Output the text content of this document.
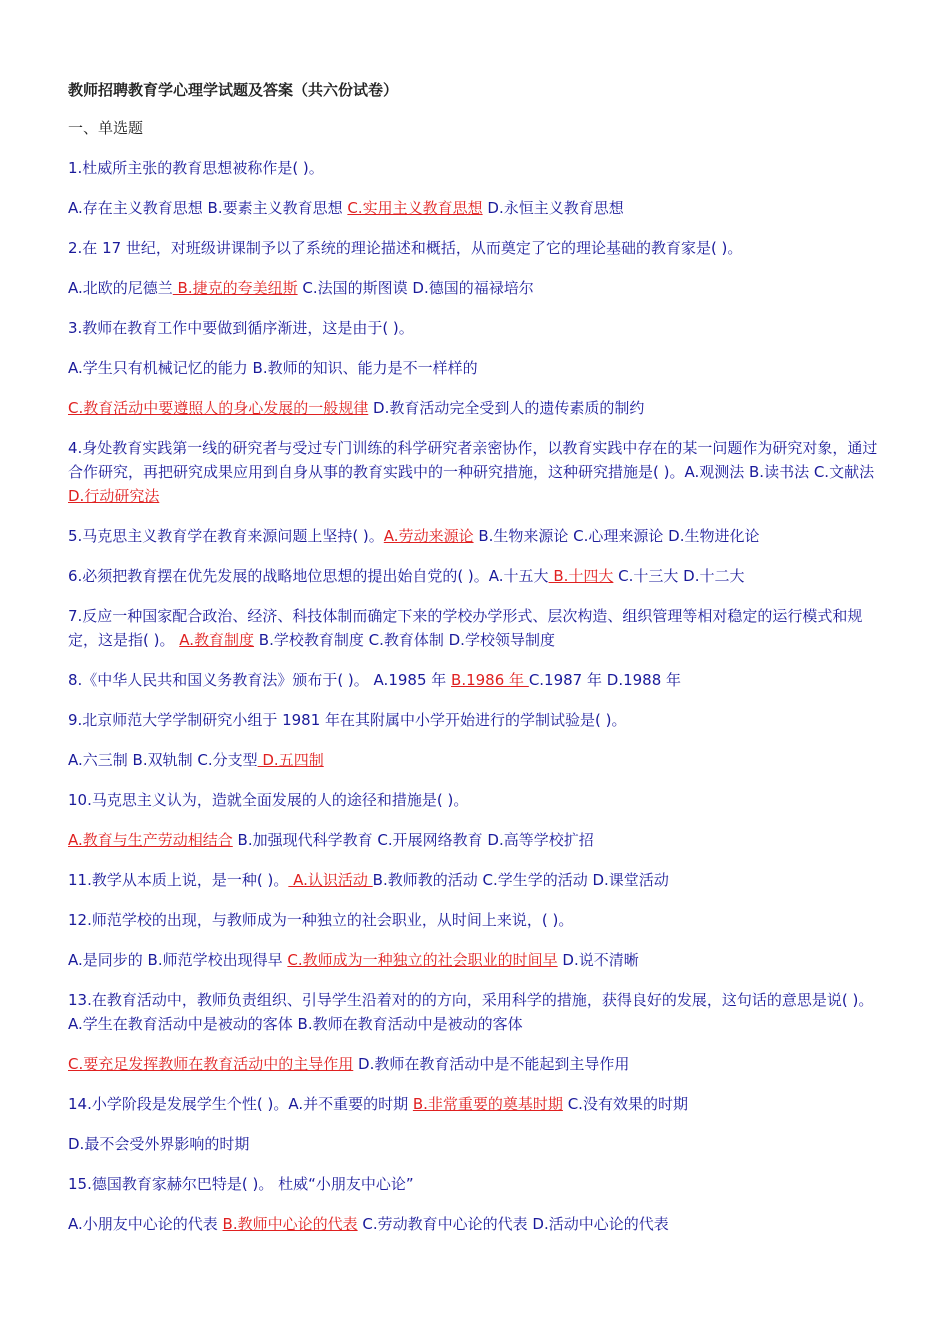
教师招聘教育学心理学试题及答案（共六份试卷）
一、单选题
1.杜威所主张的教育思想被称作是( )。
A.存在主义教育思想 B.要素主义教育思想 C.实用主义教育思想 D.永恒主义教育思想
2.在 17 世纪，对班级讲课制予以了系统的理论描述和概括，从而奠定了它的理论基础的教育家是( )。
A.北欧的尼德兰 B.捷克的夸美纽斯 C.法国的斯图谟 D.德国的福禄培尔
3.教师在教育工作中要做到循序渐进，这是由于( )。
A.学生只有机械记忆的能力 B.教师的知识、能力是不一样样的
C.教育活动中要遵照人的身心发展的一般规律 D.教育活动完全受到人的遗传素质的制约
4.身处教育实践第一线的研究者与受过专门训练的科学研究者亲密协作，以教育实践中存在的某一问题作为研究对象，通过合作研究，再把研究成果应用到自身从事的教育实践中的一种研究措施，这种研究措施是( )。A.观测法 B.读书法 C.文献法 D.行动研究法
5.马克思主义教育学在教育来源问题上坚持( )。A.劳动来源论 B.生物来源论 C.心理来源论 D.生物进化论
6.必须把教育摆在优先发展的战略地位思想的提出始自党的( )。A.十五大 B.十四大 C.十三大 D.十二大
7.反应一种国家配合政治、经济、科技体制而确定下来的学校办学形式、层次构造、组织管理等相对稳定的运行模式和规定，这是指( )。 A.教育制度 B.学校教育制度 C.教育体制 D.学校领导制度
8.《中华人民共和国义务教育法》颁布于( )。 A.1985 年 B.1986 年 C.1987 年 D.1988 年
9.北京师范大学学制研究小组于 1981 年在其附属中小学开始进行的学制试验是( )。
A.六三制 B.双轨制 C.分支型 D.五四制
10.马克思主义认为，造就全面发展的人的途径和措施是( )。
A.教育与生产劳动相结合 B.加强现代科学教育 C.开展网络教育 D.高等学校扩招
11.教学从本质上说，是一种( )。 A.认识活动 B.教师教的活动 C.学生学的活动 D.课堂活动
12.师范学校的出现，与教师成为一种独立的社会职业，从时间上来说，( )。
A.是同步的 B.师范学校出现得早 C.教师成为一种独立的社会职业的时间早 D.说不清晰
13.在教育活动中，教师负责组织、引导学生沿着对的的方向，采用科学的措施，获得良好的发展，这句话的意思是说( )。A.学生在教育活动中是被动的客体 B.教师在教育活动中是被动的客体
C.要充足发挥教师在教育活动中的主导作用 D.教师在教育活动中是不能起到主导作用
14.小学阶段是发展学生个性( )。A.并不重要的时期 B.非常重要的奠基时期 C.没有效果的时期
D.最不会受外界影响的时期
15.德国教育家赫尔巴特是( )。 杜威“小朋友中心论”
A.小朋友中心论的代表 B.教师中心论的代表 C.劳动教育中心论的代表 D.活动中心论的代表
